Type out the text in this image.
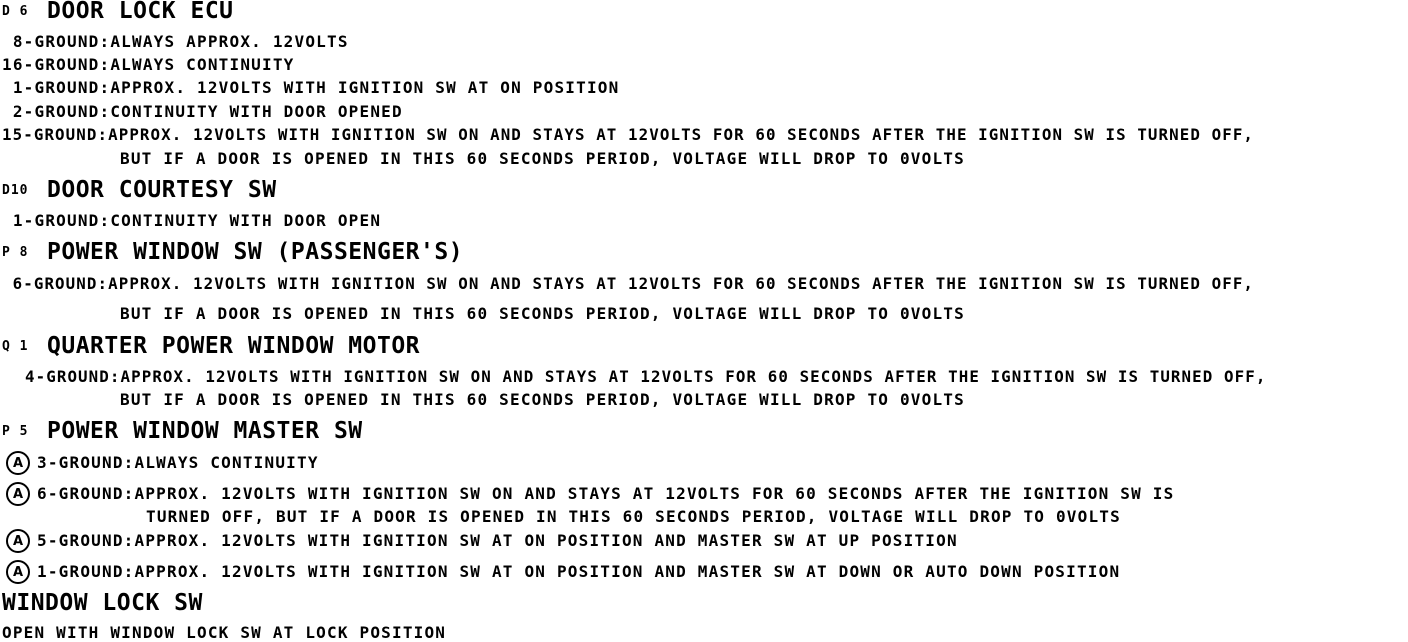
D 6

DOOR LOCK ECU

8-GROUND:ALWAYS APPROX. 12VOLTS
16-GROUND:ALWAYS CONTINUITY
1-GROUND:APPROX. 12VOLTS WITH IGNITION SW AT ON POSITION
2-GROUND:CONTINUITY WITH DOOR OPENED
15-GROUND:APPROX. 12VOLTS WITH IGNITION SW ON AND STAYS AT 12VOLTS FOR 60 SECONDS AFTER THE IGNITION SW IS TURNED OFF,
BUT IF A DOOR IS OPENED IN THIS 60 SECONDS PERIOD, VOLTAGE WILL DROP TO 0VOLTS

D10

DOOR COURTESY SW

1-GROUND:CONTINUITY WITH DOOR OPEN

P 8

POWER WINDOW SW (PASSENGER'S)

6-GROUND:APPROX. 12VOLTS WITH IGNITION SW ON AND STAYS AT 12VOLTS FOR 60 SECONDS AFTER THE IGNITION SW IS TURNED OFF,
BUT IF A DOOR IS OPENED IN THIS 60 SECONDS PERIOD, VOLTAGE WILL DROP TO 0VOLTS

Q 1

QUARTER POWER WINDOW MOTOR

4-GROUND:APPROX. 12VOLTS WITH IGNITION SW ON AND STAYS AT 12VOLTS FOR 60 SECONDS AFTER THE IGNITION SW IS TURNED OFF,
BUT IF A DOOR IS OPENED IN THIS 60 SECONDS PERIOD, VOLTAGE WILL DROP TO 0VOLTS

P 5

POWER WINDOW MASTER SW

A 3-GROUND:ALWAYS CONTINUITY
A 6-GROUND:APPROX. 12VOLTS WITH IGNITION SW ON AND STAYS AT 12VOLTS FOR 60 SECONDS AFTER THE IGNITION SW IS
TURNED OFF, BUT IF A DOOR IS OPENED IN THIS 60 SECONDS PERIOD, VOLTAGE WILL DROP TO 0VOLTS
A 5-GROUND:APPROX. 12VOLTS WITH IGNITION SW AT ON POSITION AND MASTER SW AT UP POSITION
A 1-GROUND:APPROX. 12VOLTS WITH IGNITION SW AT ON POSITION AND MASTER SW AT DOWN OR AUTO DOWN POSITION

WINDOW LOCK SW

OPEN WITH WINDOW LOCK SW AT LOCK POSITION
